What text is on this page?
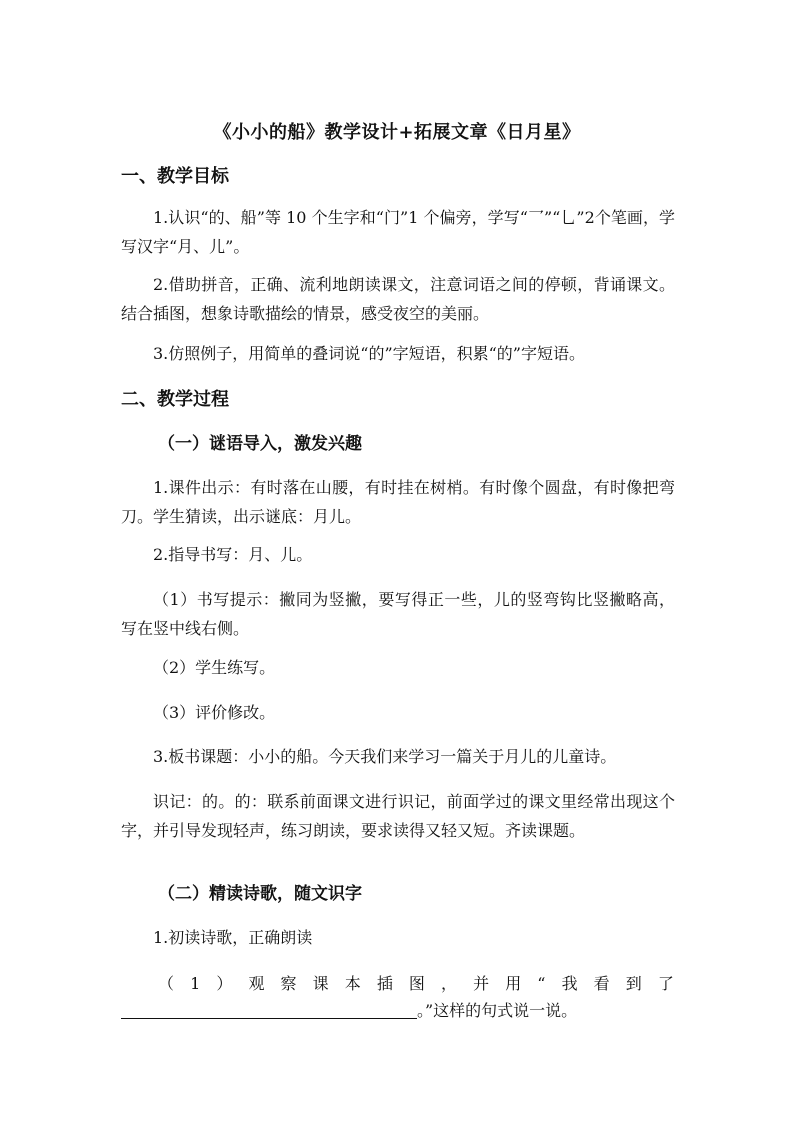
《小小的船》教学设计+拓展文章《日月星》
一、教学目标
1.认识“的、船”等 10 个生字和“门”1 个偏旁，学写“乛”“乚”2个笔画，学写汉字“月、儿”。
2.借助拼音，正确、流利地朗读课文，注意词语之间的停顿，背诵课文。结合插图，想象诗歌描绘的情景，感受夜空的美丽。
3.仿照例子，用简单的叠词说“的”字短语，积累“的”字短语。
二、教学过程
（一）谜语导入，激发兴趣
1.课件出示：有时落在山腰，有时挂在树梢。有时像个圆盘，有时像把弯刀。学生猜读，出示谜底：月儿。
2.指导书写：月、儿。
（1）书写提示：撇同为竖撇，要写得正一些，儿的竖弯钩比竖撇略高，写在竖中线右侧。
（2）学生练写。
（3）评价修改。
3.板书课题：小小的船。今天我们来学习一篇关于月儿的儿童诗。
识记：的。的：联系前面课文进行识记，前面学过的课文里经常出现这个字，并引导发现轻声，练习朗读，要求读得又轻又短。齐读课题。
（二）精读诗歌，随文识字
1.初读诗歌，正确朗读
（ 1 ） 观 察 课 本 插 图 ， 并 用 “ 我 看 到 了
。”这样的句式说一说。
